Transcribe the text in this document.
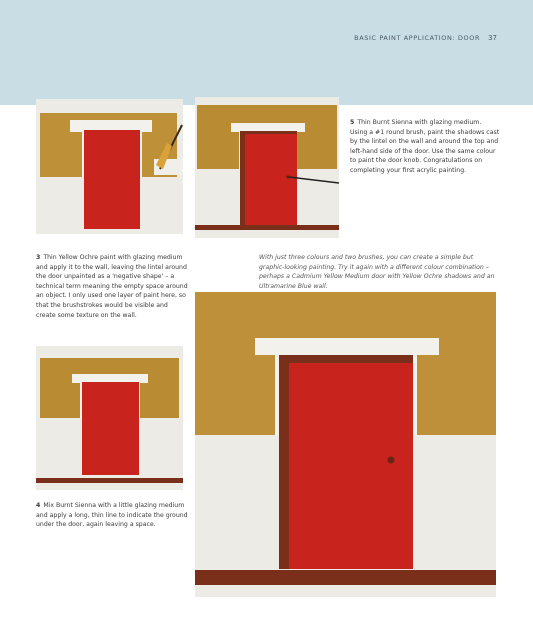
BASIC PAINT APPLICATION: DOOR 37
3 Thin Yellow Ochre paint with glazing medium and apply it to the wall, leaving the lintel around the door unpainted as a 'negative shape' – a technical term meaning the empty space around an object. I only used one layer of paint here, so that the brushstrokes would be visible and create some texture on the wall.
4 Mix Burnt Sienna with a little glazing medium and apply a long, thin line to indicate the ground under the door, again leaving a space.
5 Thin Burnt Sienna with glazing medium. Using a #1 round brush, paint the shadows cast by the lintel on the wall and around the top and left-hand side of the door. Use the same colour to paint the door knob. Congratulations on completing your first acrylic painting.
With just three colours and two brushes, you can create a simple but graphic-looking painting. Try it again with a different colour combination – perhaps a Cadmium Yellow Medium door with Yellow Ochre shadows and an Ultramarine Blue wall.
